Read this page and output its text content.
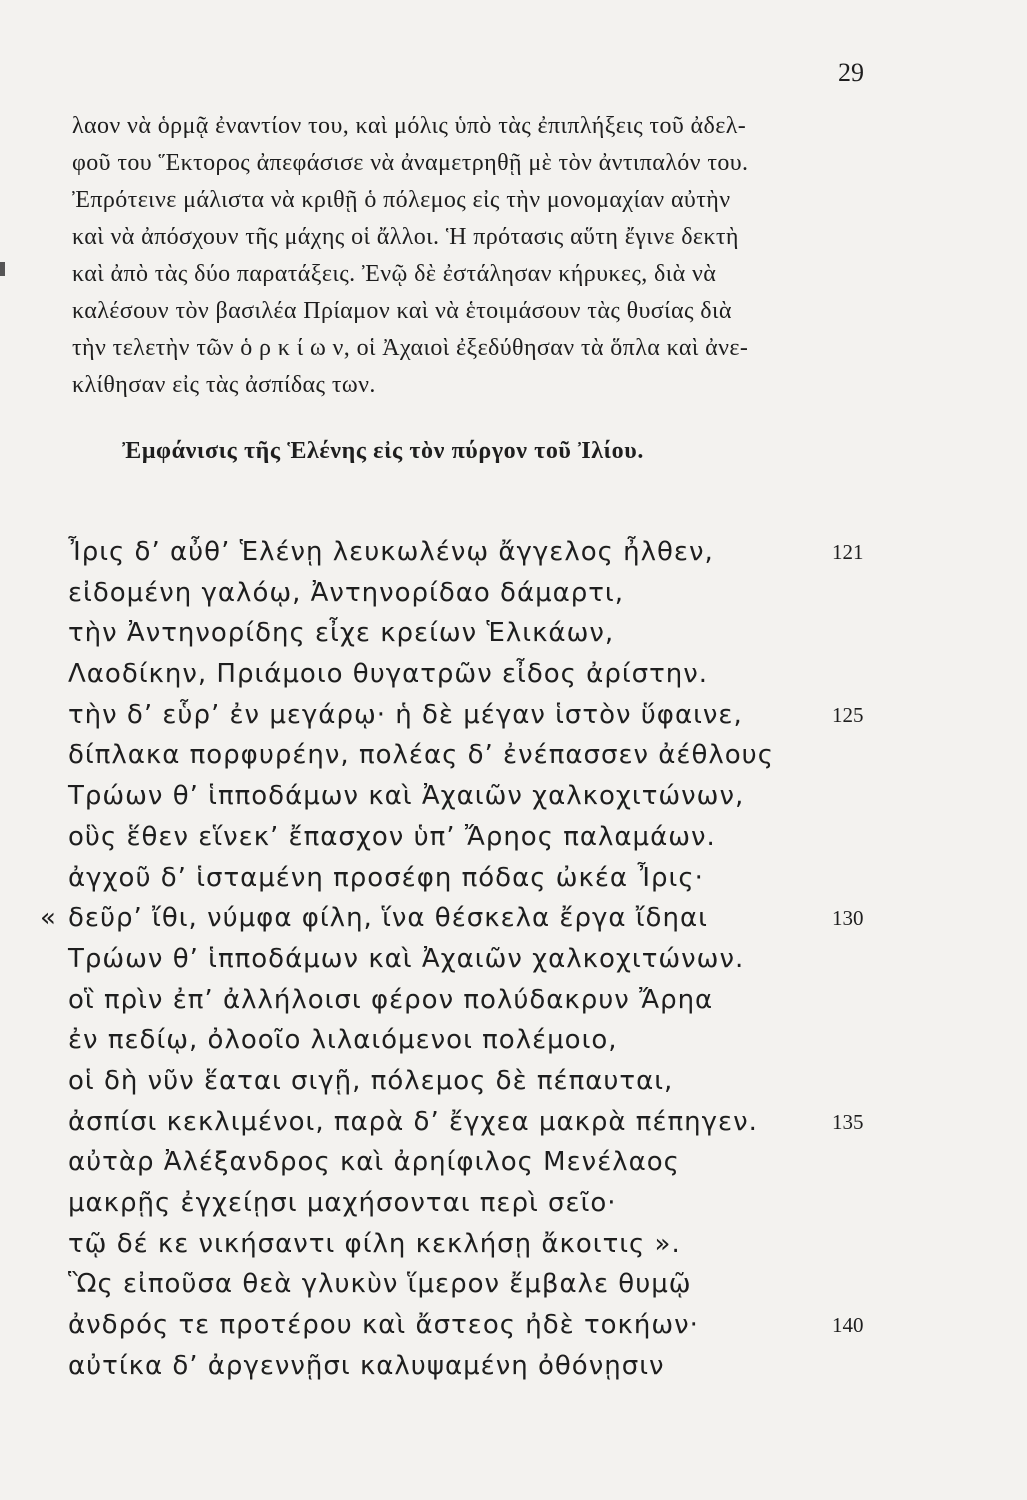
29
λαον νὰ ὁρμᾷ ἐναντίον του, καὶ μόλις ὑπὸ τὰς ἐπιπλήξεις τοῦ ἀδελ-
φοῦ του Ἕκτορος ἀπεφάσισε νὰ ἀναμετρηθῇ μὲ τὸν ἀντιπαλόν του.
Ἐπρότεινε μάλιστα νὰ κριθῇ ὁ πόλεμος εἰς τὴν μονομαχίαν αὐτὴν
καὶ νὰ ἀπόσχουν τῆς μάχης οἱ ἄλλοι. Ἡ πρότασις αὕτη ἔγινε δεκτὴ
καὶ ἀπὸ τὰς δύο παρατάξεις. Ἐνῷ δὲ ἐστάλησαν κήρυκες, διὰ νὰ
καλέσουν τὸν βασιλέα Πρίαμον καὶ νὰ ἑτοιμάσουν τὰς θυσίας διὰ
τὴν τελετὴν τῶν ὁ ρ κ ί ω ν, οἱ Ἀχαιοὶ ἐξεδύθησαν τὰ ὅπλα καὶ ἀνε-
κλίθησαν εἰς τὰς ἀσπίδας των.
Ἐμφάνισις τῆς Ἑλένης εἰς τὸν πύργον τοῦ Ἰλίου.
Ἶρις δ’ αὖθ’ Ἑλένῃ λευκωλένῳ ἄγγελος ἦλθεν,	121
εἰδομένη γαλόῳ, Ἀντηνορίδαο δάμαρτι,
τὴν Ἀντηνορίδης εἶχε κρείων Ἑλικάων,
Λαοδίκην, Πριάμοιο θυγατρῶν εἶδος ἀρίστην.
τὴν δ’ εὗρ’ ἐν μεγάρῳ· ἡ δὲ μέγαν ἱστὸν ὕφαινε,	125
δίπλακα πορφυρέην, πολέας δ’ ἐνέπασσεν ἀέθλους
Τρώων θ’ ἱπποδάμων καὶ Ἀχαιῶν χαλκοχιτώνων,
οὓς ἕθεν εἵνεκ’ ἔπασχον ὑπ’ Ἄρηος παλαμάων.
ἀγχοῦ δ’ ἱσταμένη προσέφη πόδας ὠκέα Ἶρις·
« δεῦρ’ ἴθι, νύμφα φίλη, ἵνα θέσκελα ἔργα ἴδηαι	130
Τρώων θ’ ἱπποδάμων καὶ Ἀχαιῶν χαλκοχιτώνων.
οἳ πρὶν ἐπ’ ἀλλήλοισι φέρον πολύδακρυν Ἄρηα
ἐν πεδίῳ, ὀλοοῖο λιλαιόμενοι πολέμοιο,
οἱ δὴ νῦν ἕαται σιγῇ, πόλεμος δὲ πέπαυται,
ἀσπίσι κεκλιμένοι, παρὰ δ’ ἔγχεα μακρὰ πέπηγεν.	135
αὐτὰρ Ἀλέξανδρος καὶ ἀρηίφιλος Μενέλαος
μακρῇς ἐγχείῃσι μαχήσονται περὶ σεῖο·
τῷ δέ κε νικήσαντι φίλη κεκλήσῃ ἄκοιτις ».
Ὣς εἰποῦσα θεὰ γλυκὺν ἵμερον ἔμβαλε θυμῷ
ἀνδρός τε προτέρου καὶ ἄστεος ἠδὲ τοκήων·	140
αὐτίκα δ’ ἀργεννῇσι καλυψαμένη ὀθόνῃσιν
